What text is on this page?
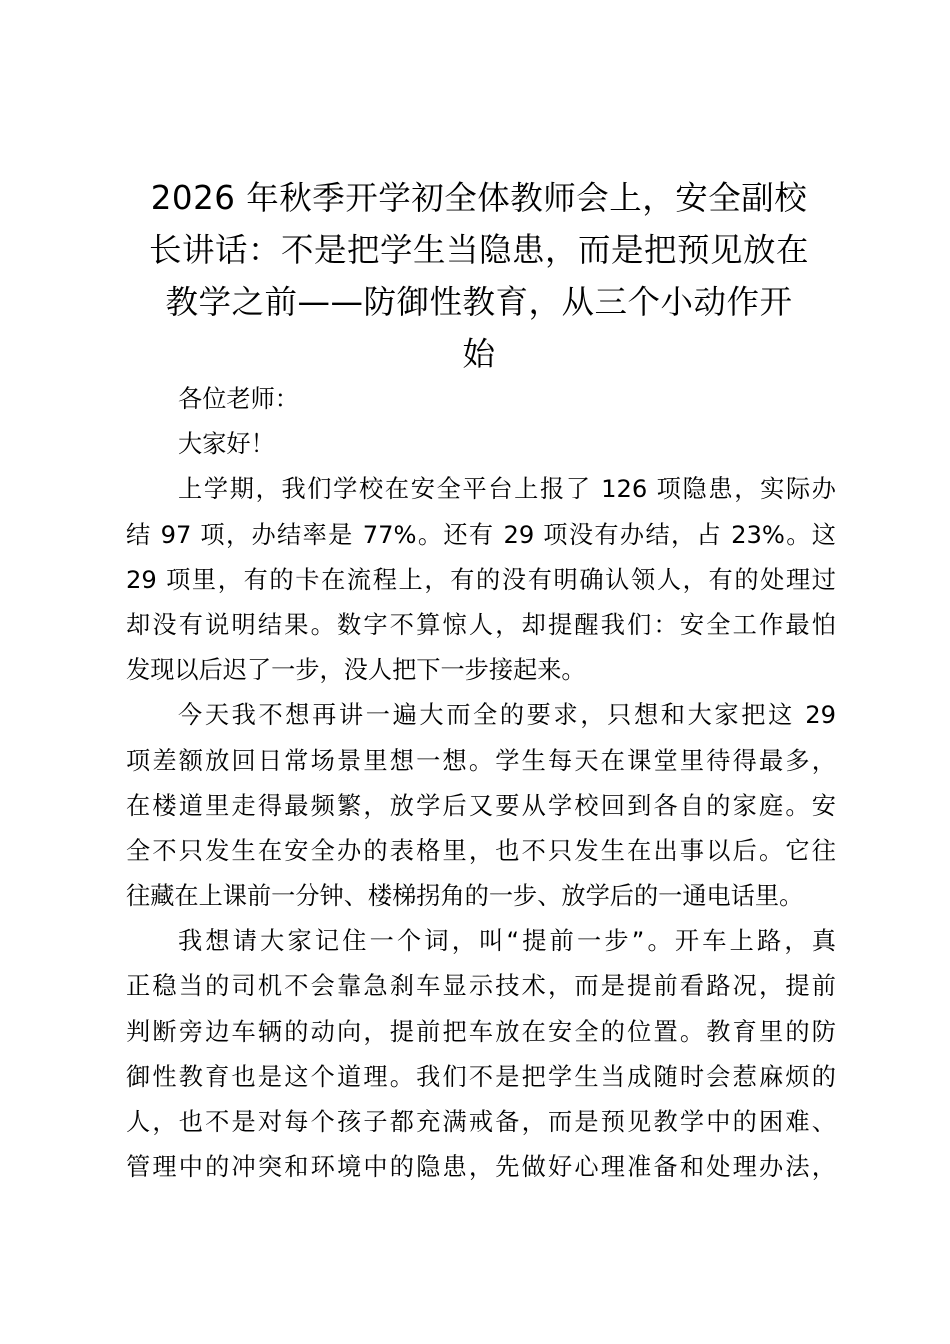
2026 年秋季开学初全体教师会上，安全副校
长讲话：不是把学生当隐患，而是把预见放在
教学之前——防御性教育，从三个小动作开
始
各位老师：
大家好！
上学期，我们学校在安全平台上报了 126 项隐患，实际办
结 97 项，办结率是 77%。还有 29 项没有办结，占 23%。这
29 项里，有的卡在流程上，有的没有明确认领人，有的处理过
却没有说明结果。数字不算惊人，却提醒我们：安全工作最怕
发现以后迟了一步，没人把下一步接起来。
今天我不想再讲一遍大而全的要求，只想和大家把这 29
项差额放回日常场景里想一想。学生每天在课堂里待得最多，
在楼道里走得最频繁，放学后又要从学校回到各自的家庭。安
全不只发生在安全办的表格里，也不只发生在出事以后。它往
往藏在上课前一分钟、楼梯拐角的一步、放学后的一通电话里。
我想请大家记住一个词，叫“提前一步”。开车上路，真
正稳当的司机不会靠急刹车显示技术，而是提前看路况，提前
判断旁边车辆的动向，提前把车放在安全的位置。教育里的防
御性教育也是这个道理。我们不是把学生当成随时会惹麻烦的
人，也不是对每个孩子都充满戒备，而是预见教学中的困难、
管理中的冲突和环境中的隐患，先做好心理准备和处理办法，
